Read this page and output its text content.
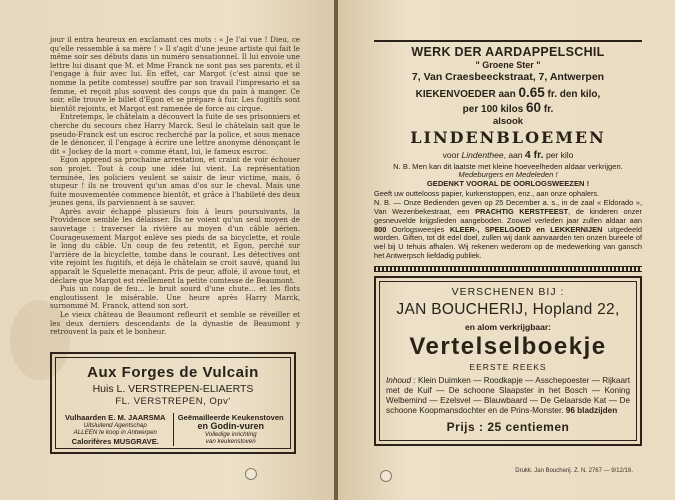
jour il entra heureux en exclamant ces mots : « Je l'ai vue ! Dieu, ce qu'elle ressemble à sa mère ! » Il s'agit d'une jeune artiste qui fait le même soir ses débuts dans un numéro sensationnel. Il lui envoie une lettre lui disant que M. et Mme Franck ne sont pas ses parents, et il l'engage à fuir avec lui. En effet, car Margot (c'est ainsi que se nomme la petite comtesse) souffre par son travail l'impresario et sa femme, et reçoit plus souvent des coups que du pain à manger. Ce soir, elle trouve le billet d'Egon et se prépare à fuir. Les fugitifs sont bientôt rejoints, et Margot est ramenée de force au cirque.

Entretemps, le châtelain a découvert la fuite de ses prisonniers et cherche du secours chez Harry Marck. Seul le châtelain sait que le pseudo-Franck est un escroc recherché par la police, et sous menace de le dénoncer, il l'engage à écrire une lettre anonyme dénonçant le dit « Jockey de la mort » comme étant, lui, le fameux escroc.

Egon apprend sa prochaine arrestation, et craint de voir échouer son projet. Tout à coup une idée lui vient. La représentation terminée, les policiers veulent se saisir de leur victime, mais, ô stupeur ! ils ne trouvent qu'un amas d'os sur le cheval. Mais une fuite mouvementée commence bientôt, et grâce à l'habileté des deux jeunes gens, ils parviennent à se sauver.

Après avoir échappé plusieurs fois à leurs poursuivants, la Providence semble les délaisser. Ils ne voient qu'un seul moyen de sauvetage : traverser la rivière au moyen d'un câble aérien. Courageusement Margot enlève ses pieds de sa bicyclette, et roule le long du câble. Un coup de feu retentit, et Egon, perché sur l'arrière de la bicyclette, tombe dans le courant. Les détectives ont vite rejoint les fugitifs, et déjà le châtelain se croit sauvé, quand lui apparaît le Squelette menaçant. Pris de peur, affolé, il avoue tout, et déclare que Margot est réellement la petite comtesse de Beaumont.

Puis un coup de feu... le bruit sourd d'une chute... et les flots engloutissent le misérable. Une heure après Harry Marck, surnommé M. Franck, attend son sort.

Le vieux château de Beaumont refleurit et semble se réveiller et les deux derniers descendants de la dynastie de Beaumont y retrouvent la paix et le bonheur.

Aux Forges de Vulcain
Huis L. VERSTREPEN-ELIAERTS
FL. VERSTREPEN, Opv'
Vulhaarden E. M. JAARSMA
Uitsluitend Agentschap
ALLEEN te koop in Antwerpen
Calorifères MUSGRAVE.
Geëmailleerde Keukenstoven
en Godin-vuren
Volledige inrichting
van keukenstoven
WERK DER AARDAPPELSCHIL
" Groene Ster "
7, Van Craesbeeckstraat, 7, Antwerpen
KIEKENVOEDER aan 0.65 fr. den kilo,
per 100 kilos 60 fr.
alsook
LINDENBLOEMEN
voor Lindenthee, aan 4 fr. per kilo
N. B. Men kan dit laatste met kleine hoeveelheden aldaar verkrijgen.
Medeburgers en Medeleden !
GEDENKT VOORAL DE OORLOGSWEEZEN !
Geeft uw outtelooss papier, kurkenstoppen, enz., aan onze ophalers.
N. B. — Onze Bedienden geven op 25 December a. s., in de zaal « Eldorado », Van Wezenbekestraat, een PRACHTIG KERSTFEEST, de kinderen onzer gesneuvelde krijgslieden aangeboden. Zoowel verleden jaar zullen aldaar aan 800 Oorlogsweesjes KLEER-, SPEELGOED en LEKKERNIJEN uitgedeeld worden. Giften, tot dit edel doel, zullen wij dank aanvaarden ten onzen bureele of wel bij U tehuis afhalen. Wij rekenen wederom op de medewerking van gansch het Antwerpsch liefdadig publiek.
VERSCHENEN BIJ :
JAN BOUCHERIJ, Hopland 22,
en alom verkrijgbaar:
Vertelselboekje
EERSTE REEKS
Inhoud : Klein Duimken — Roodkapje — Asschepoester — Rijkaart met de Kuif — De schoone Slaapster in het Bosch — Koning Welbemind — Ezelsvel — Blauwbaard — De Gelaarsde Kat — De schoone Koopmansdochter en de Prins-Monster. 96 bladzijden
Prijs : 25 centiemen
Drukk. Jan Boucherij. Z. N. 2767 — 9/12/16.
